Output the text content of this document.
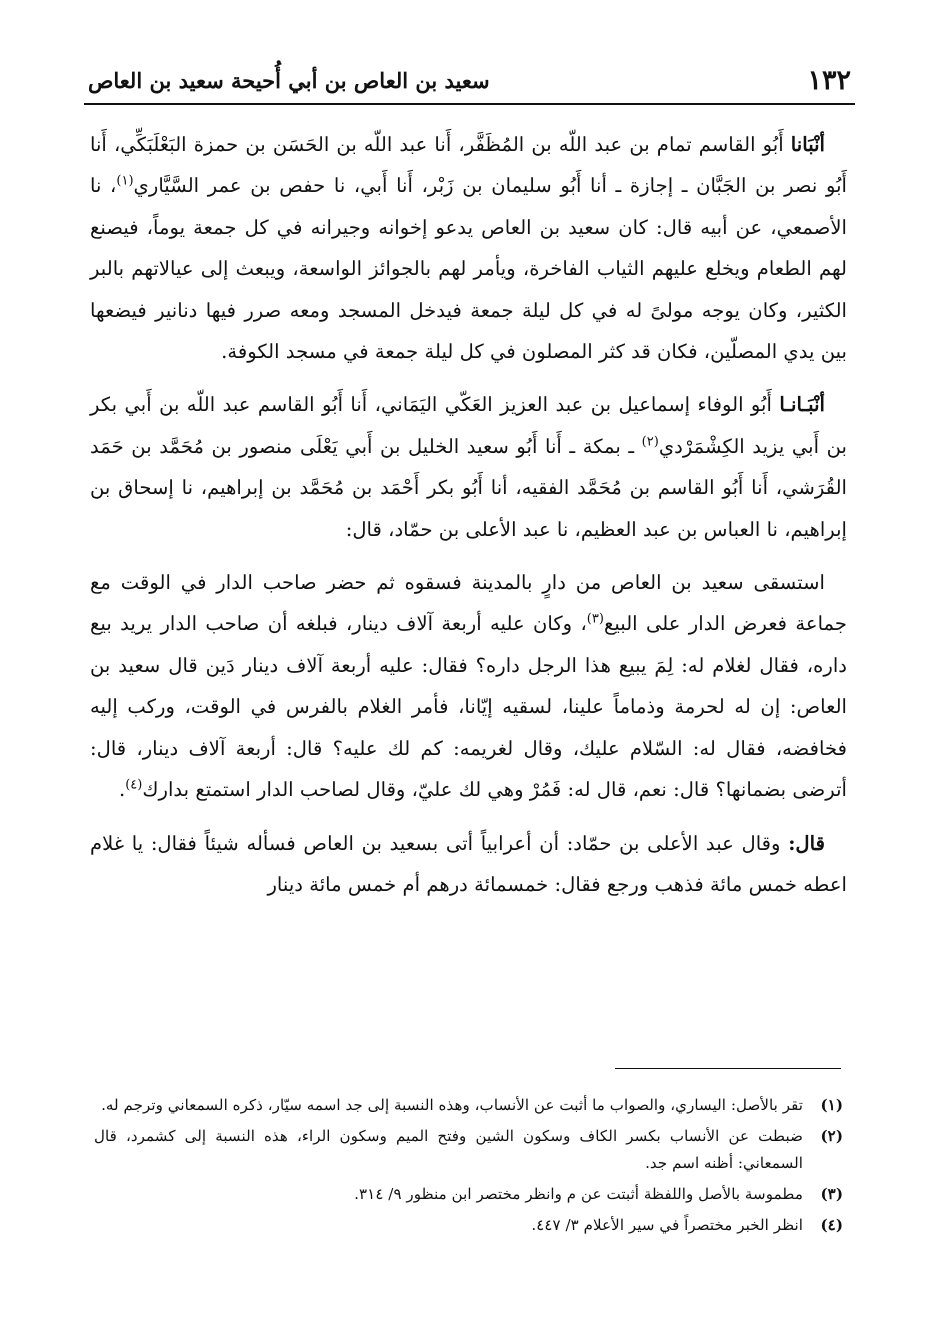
١٣٢
سعيد بن العاص بن أبي أُحيحة سعيد بن العاص

أنْبَانا أَبُو القاسم تمام بن عبد اللّه بن المُظَفَّر، أَنا عبد اللّه بن الحَسَن بن حمزة البَعْلَبَكِّي، أَنا أَبُو نصر بن الجَبَّان ـ إجازة ـ أنا أَبُو سليمان بن زَبْر، أَنا أَبي، نا حفص بن عمر السَّيَّاري$^{(١)}$، نا الأصمعي، عن أبيه قال: كان سعيد بن العاص يدعو إخوانه وجيرانه في كل جمعة يوماً، فيصنع لهم الطعام ويخلع عليهم الثياب الفاخرة، ويأمر لهم بالجوائز الواسعة، ويبعث إلى عيالاتهم بالبر الكثير، وكان يوجه مولىً له في كل ليلة جمعة فيدخل المسجد ومعه صرر فيها دنانير فيضعها بين يدي المصلّين، فكان قد كثر المصلون في كل ليلة جمعة في مسجد الكوفة.

أنْبَـانـا أَبُو الوفاء إسماعيل بن عبد العزيز العَكّي اليَمَاني، أَنا أَبُو القاسم عبد اللّه بن أَبي بكر بن أَبي يزيد الكِشْمَرْدي$^{(٢)}$ ـ بمكة ـ أَنا أَبُو سعيد الخليل بن أَبي يَعْلَى منصور بن مُحَمَّد بن حَمَد القُرَشي، أَنا أَبُو القاسم بن مُحَمَّد الفقيه، أنا أَبُو بكر أَحْمَد بن مُحَمَّد بن إبراهيم، نا إسحاق بن إبراهيم، نا العباس بن عبد العظيم، نا عبد الأعلى بن حمّاد، قال:

استسقى سعيد بن العاص من دارٍ بالمدينة فسقوه ثم حضر صاحب الدار في الوقت مع جماعة فعرض الدار على البيع$^{(٣)}$، وكان عليه أربعة آلاف دينار، فبلغه أن صاحب الدار يريد بيع داره، فقال لغلام له: لِمَ يبيع هذا الرجل داره؟ فقال: عليه أربعة آلاف دينار دَين قال سعيد بن العاص: إن له لحرمة وذماماً علينا، لسقيه إيّانا، فأمر الغلام بالفرس في الوقت، وركب إليه فخافضه، فقال له: السّلام عليك، وقال لغريمه: كم لك عليه؟ قال: أربعة آلاف دينار، قال: أترضى بضمانها؟ قال: نعم، قال له: فَمُرْ وهي لك عليّ، وقال لصاحب الدار استمتع بدارك$^{(٤)}$.

قال: وقال عبد الأعلى بن حمّاد: أن أعرابياً أتى بسعيد بن العاص فسأله شيئاً فقال: يا غلام اعطه خمس مائة فذهب ورجع فقال: خمسمائة درهم أم خمس مائة دينار

(١)
تقر بالأصل: اليساري، والصواب ما أثبت عن الأنساب، وهذه النسبة إلى جد اسمه سيّار، ذكره السمعاني وترجم له.
(٢)
ضبطت عن الأنساب بكسر الكاف وسكون الشين وفتح الميم وسكون الراء، هذه النسبة إلى كشمرد، قال السمعاني: أظنه اسم جد.
(٣)
مطموسة بالأصل واللفظة أثبتت عن م وانظر مختصر ابن منظور ٩/ ٣١٤.
(٤)
انظر الخبر مختصراً في سير الأعلام ٣/ ٤٤٧.
